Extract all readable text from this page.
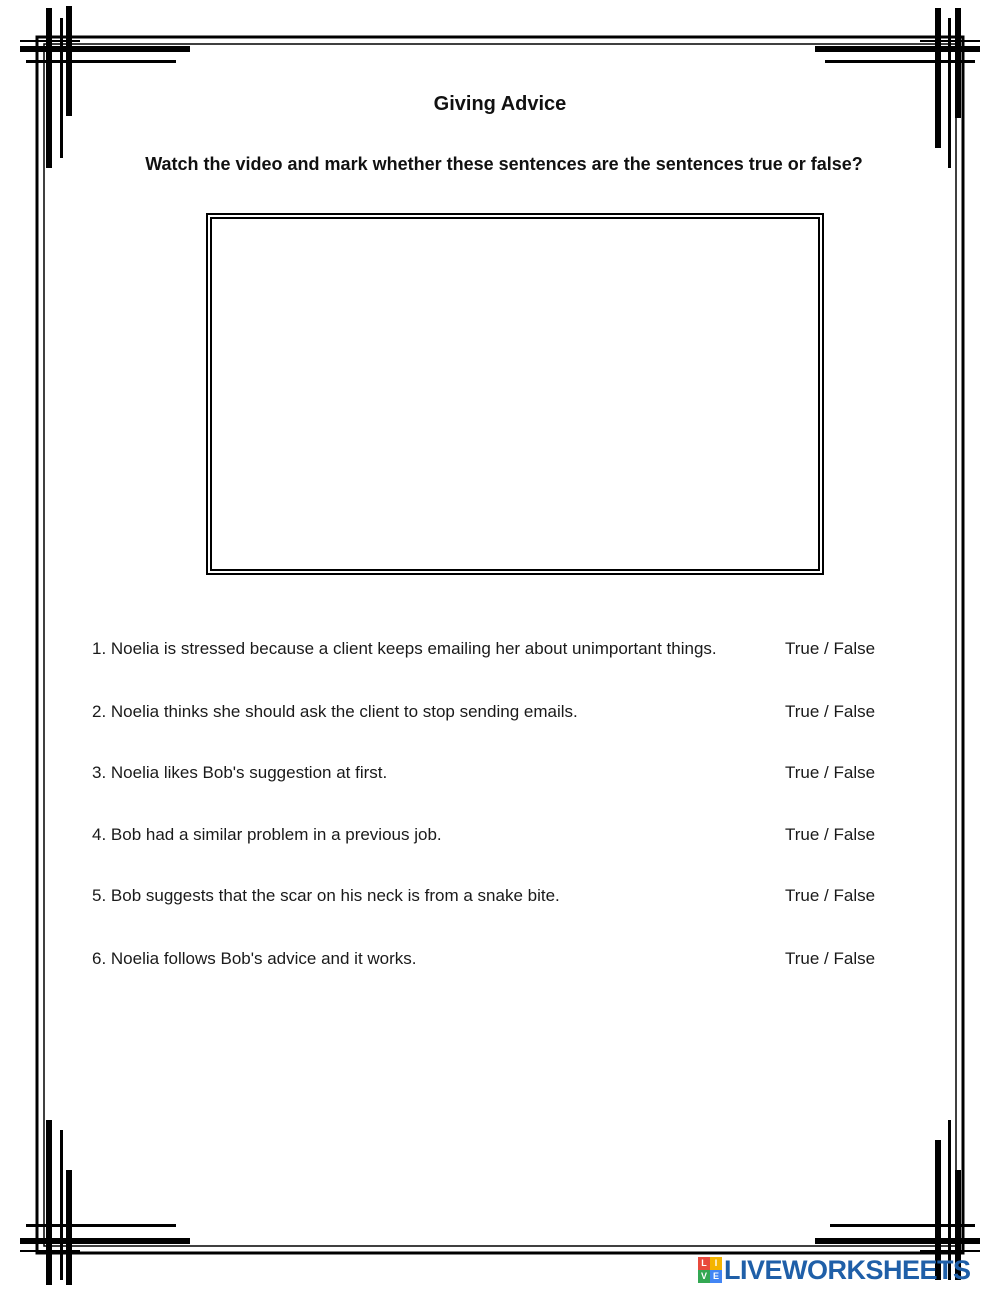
Giving Advice
Watch the video and mark whether these sentences are the sentences true or false?
1. Noelia is stressed because a client keeps emailing her about unimportant things.	True / False
2. Noelia thinks she should ask the client to stop sending emails.	True / False
3. Noelia likes Bob's suggestion at first.	True / False
4. Bob had a similar problem in a previous job.	True / False
5. Bob suggests that the scar on his neck is from a snake bite.	True / False
6. Noelia follows Bob's advice and it works.	True / False
L I
V E LIVEWORKSHEETS
